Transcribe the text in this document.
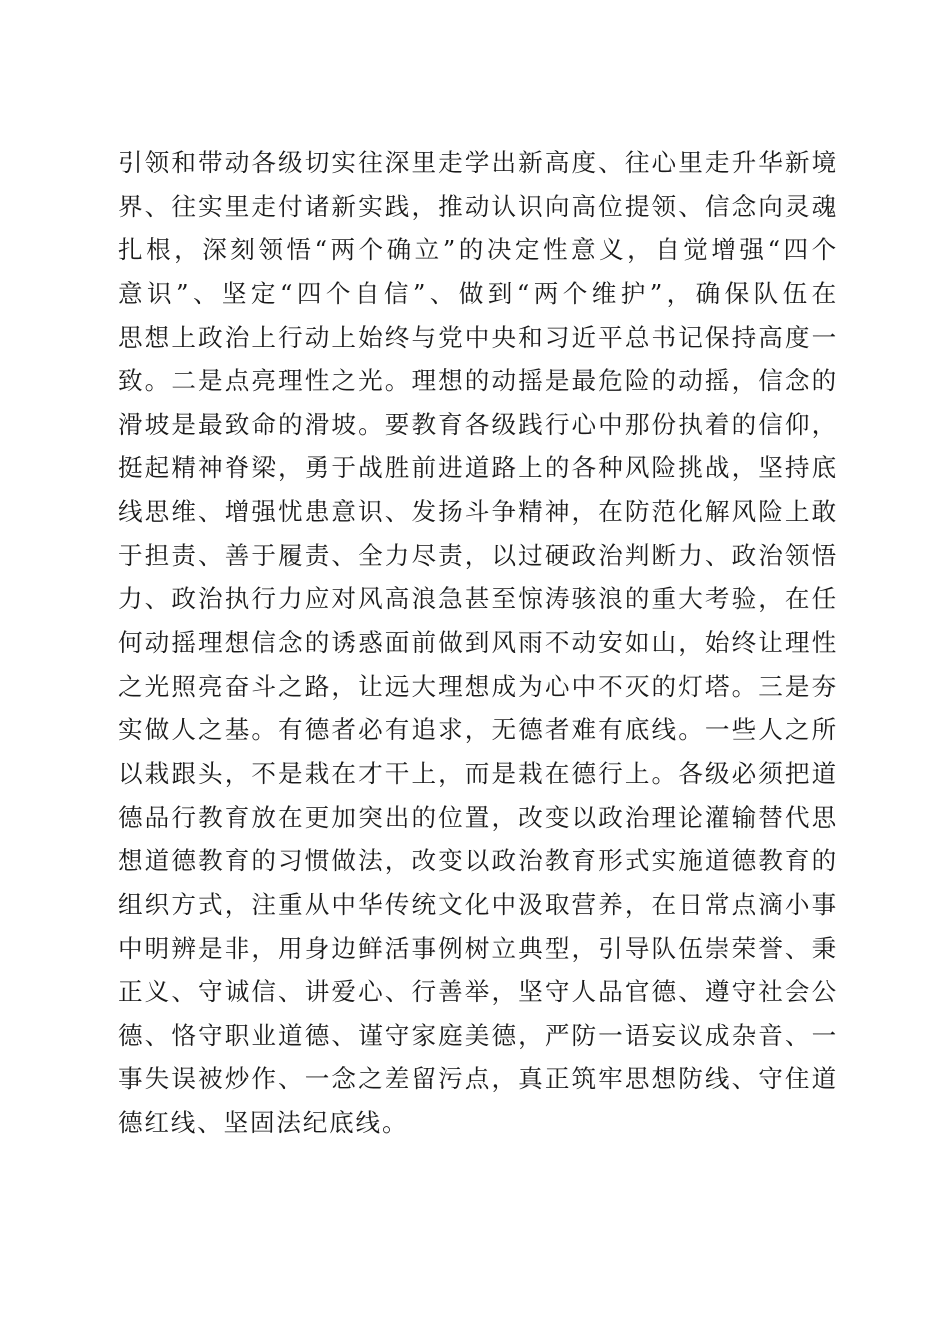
引领和带动各级切实往深里走学出新高度、往心里走升华新境
界、往实里走付诸新实践，推动认识向高位提领、信念向灵魂
扎根，深刻领悟“两个确立”的决定性意义，自觉增强“四个
意识”、坚定“四个自信”、做到“两个维护”，确保队伍在
思想上政治上行动上始终与党中央和习近平总书记保持高度一
致。二是点亮理性之光。理想的动摇是最危险的动摇，信念的
滑坡是最致命的滑坡。要教育各级践行心中那份执着的信仰，
挺起精神脊梁，勇于战胜前进道路上的各种风险挑战，坚持底
线思维、增强忧患意识、发扬斗争精神，在防范化解风险上敢
于担责、善于履责、全力尽责，以过硬政治判断力、政治领悟
力、政治执行力应对风高浪急甚至惊涛骇浪的重大考验，在任
何动摇理想信念的诱惑面前做到风雨不动安如山，始终让理性
之光照亮奋斗之路，让远大理想成为心中不灭的灯塔。三是夯
实做人之基。有德者必有追求，无德者难有底线。一些人之所
以栽跟头，不是栽在才干上，而是栽在德行上。各级必须把道
德品行教育放在更加突出的位置，改变以政治理论灌输替代思
想道德教育的习惯做法，改变以政治教育形式实施道德教育的
组织方式，注重从中华传统文化中汲取营养，在日常点滴小事
中明辨是非，用身边鲜活事例树立典型，引导队伍崇荣誉、秉
正义、守诚信、讲爱心、行善举，坚守人品官德、遵守社会公
德、恪守职业道德、谨守家庭美德，严防一语妄议成杂音、一
事失误被炒作、一念之差留污点，真正筑牢思想防线、守住道
德红线、坚固法纪底线。
